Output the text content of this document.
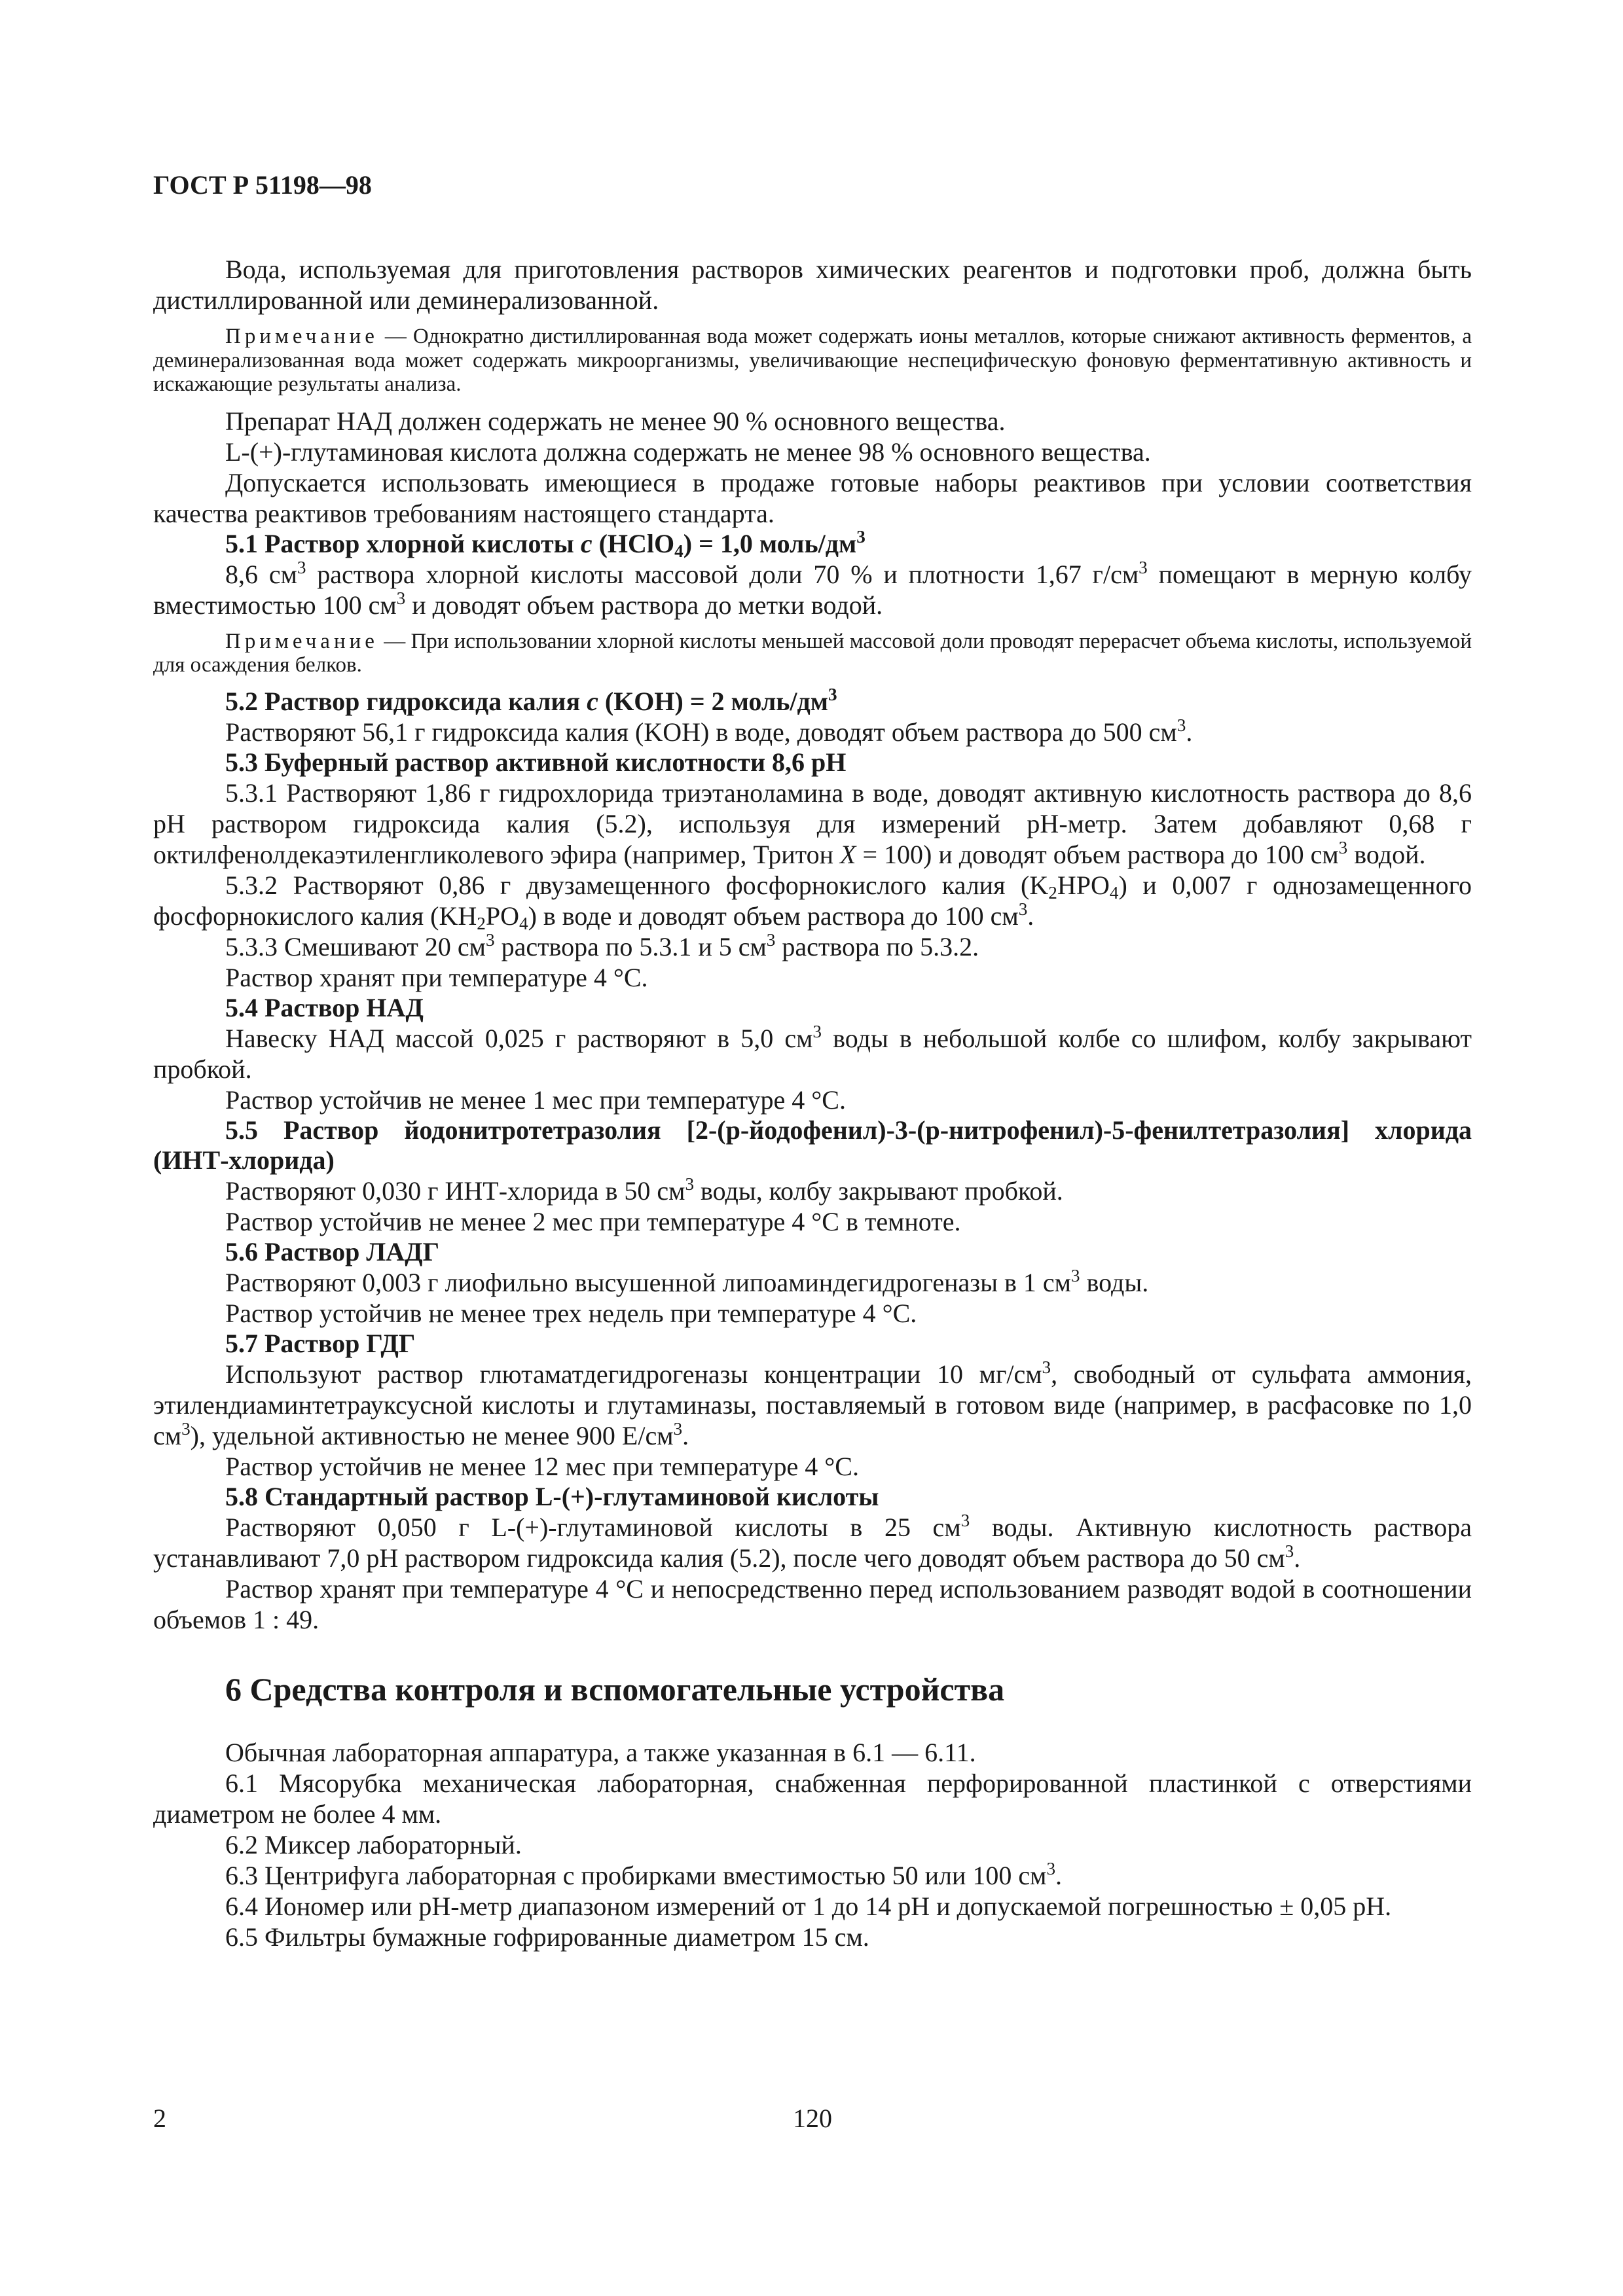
ГОСТ Р 51198—98

Вода, используемая для приготовления растворов химических реагентов и подготовки проб, должна быть дистиллированной или деминерализованной.

Примечание — Однократно дистиллированная вода может содержать ионы металлов, которые снижают активность ферментов, а деминерализованная вода может содержать микроорганизмы, увеличивающие неспецифическую фоновую ферментативную активность и искажающие результаты анализа.

Препарат НАД должен содержать не менее 90 % основного вещества.

L-(+)-глутаминовая кислота должна содержать не менее 98 % основного вещества.

Допускается использовать имеющиеся в продаже готовые наборы реактивов при условии соответствия качества реактивов требованиям настоящего стандарта.

5.1 Раствор хлорной кислоты c (HClO$_4$) = 1,0 моль/$дм^3$

8,6 $см^3$ раствора хлорной кислоты массовой доли 70 % и плотности 1,67 $г/см^3$ помещают в мерную колбу вместимостью 100 $см^3$ и доводят объем раствора до метки водой.

Примечание — При использовании хлорной кислоты меньшей массовой доли проводят перерасчет объема кислоты, используемой для осаждения белков.

5.2 Раствор гидроксида калия c (KOH) = 2 моль/$дм^3$

Растворяют 56,1 г гидроксида калия (KOH) в воде, доводят объем раствора до 500 $см^3$.

5.3 Буферный раствор активной кислотности 8,6 pH

5.3.1 Растворяют 1,86 г гидрохлорида триэтаноламина в воде, доводят активную кислотность раствора до 8,6 pH раствором гидроксида калия (5.2), используя для измерений pH-метр. Затем добавляют 0,68 г октилфенолдекаэтиленгликолевого эфира (например, Тритон X = 100) и доводят объем раствора до 100 $см^3$ водой.

5.3.2 Растворяют 0,86 г двузамещенного фосфорнокислого калия $(K_2HPO_4)$ и 0,007 г однозамещенного фосфорнокислого калия $(KH_2PO_4)$ в воде и доводят объем раствора до 100 $см^3$.

5.3.3 Смешивают 20 $см^3$ раствора по 5.3.1 и 5 $см^3$ раствора по 5.3.2.

Раствор хранят при температуре 4 °C.

5.4 Раствор НАД

Навеску НАД массой 0,025 г растворяют в 5,0 $см^3$ воды в небольшой колбе со шлифом, колбу закрывают пробкой.

Раствор устойчив не менее 1 мес при температуре 4 °C.

5.5 Раствор йодонитротетразолия [2-(р-йодофенил)-3-(р-нитрофенил)-5-фенилтетразолия] хлорида (ИНТ-хлорида)

Растворяют 0,030 г ИНТ-хлорида в 50 $см^3$ воды, колбу закрывают пробкой.

Раствор устойчив не менее 2 мес при температуре 4 °C в темноте.

5.6 Раствор ЛАДГ

Растворяют 0,003 г лиофильно высушенной липоаминдегидрогеназы в 1 $см^3$ воды.

Раствор устойчив не менее трех недель при температуре 4 °C.

5.7 Раствор ГДГ

Используют раствор глютаматдегидрогеназы концентрации 10 $мг/см^3$, свободный от сульфата аммония, этилендиаминтетрауксусной кислоты и глутаминазы, поставляемый в готовом виде (например, в расфасовке по 1,0 $см^3$), удельной активностью не менее 900 $Е/см^3$.

Раствор устойчив не менее 12 мес при температуре 4 °C.

5.8 Стандартный раствор L-(+)-глутаминовой кислоты

Растворяют 0,050 г L-(+)-глутаминовой кислоты в 25 $см^3$ воды. Активную кислотность раствора устанавливают 7,0 pH раствором гидроксида калия (5.2), после чего доводят объем раствора до 50 $см^3$.

Раствор хранят при температуре 4 °C и непосредственно перед использованием разводят водой в соотношении объемов 1 : 49.

6 Средства контроля и вспомогательные устройства

Обычная лабораторная аппаратура, а также указанная в 6.1 — 6.11.

6.1 Мясорубка механическая лабораторная, снабженная перфорированной пластинкой с отверстиями диаметром не более 4 мм.

6.2 Миксер лабораторный.

6.3 Центрифуга лабораторная с пробирками вместимостью 50 или 100 $см^3$.

6.4 Иономер или pH-метр диапазоном измерений от 1 до 14 pH и допускаемой погрешностью ± 0,05 pH.

6.5 Фильтры бумажные гофрированные диаметром 15 см.

2	120
